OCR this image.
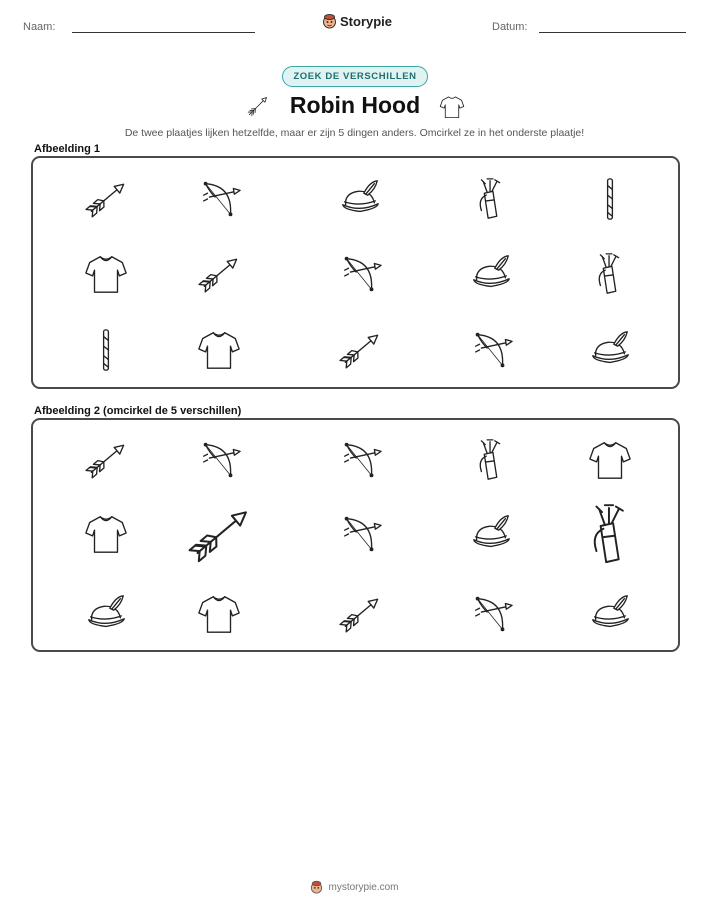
Naam:	Storypie	Datum:
ZOEK DE VERSCHILLEN
Robin Hood
De twee plaatjes lijken hetzelfde, maar er zijn 5 dingen anders. Omcirkel ze in het onderste plaatje!
Afbeelding 1
Afbeelding 2 (omcirkel de 5 verschillen)
mystorypie.com
